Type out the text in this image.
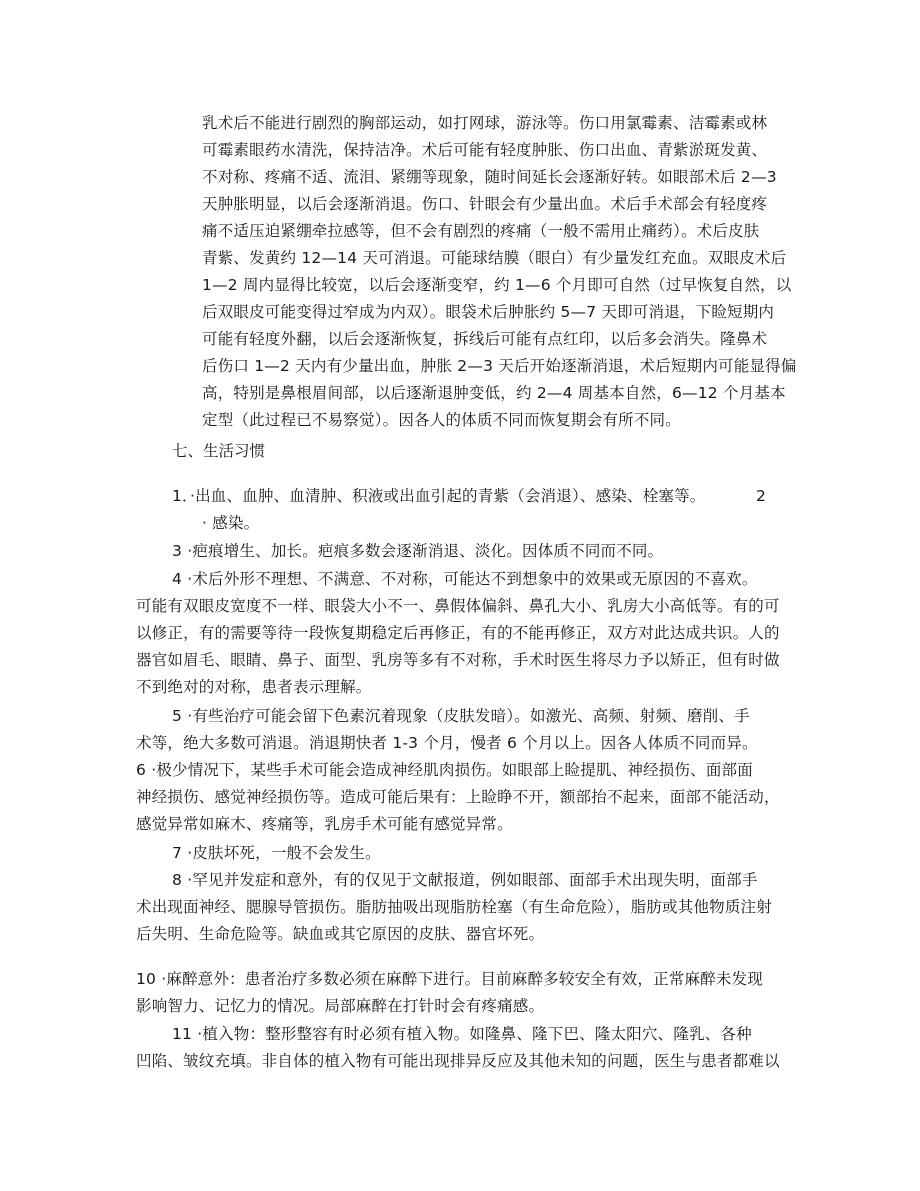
乳术后不能进行剧烈的胸部运动，如打网球，游泳等。伤口用氯霉素、洁霉素或林
可霉素眼药水清洗，保持洁净。术后可能有轻度肿胀、伤口出血、青紫淤斑发黄、
不对称、疼痛不适、流泪、紧绷等现象，随时间延长会逐渐好转。如眼部术后 2—3
天肿胀明显，以后会逐渐消退。伤口、针眼会有少量出血。术后手术部会有轻度疼
痛不适压迫紧绷牵拉感等，但不会有剧烈的疼痛（一般不需用止痛药）。术后皮肤
青紫、发黄约 12—14 天可消退。可能球结膜（眼白）有少量发红充血。双眼皮术后
1—2 周内显得比较宽，以后会逐渐变窄，约 1—6 个月即可自然（过早恢复自然，以
后双眼皮可能变得过窄成为内双）。眼袋术后肿胀约 5—7 天即可消退，下睑短期内
可能有轻度外翻，以后会逐渐恢复，拆线后可能有点红印，以后多会消失。隆鼻术
后伤口 1—2 天内有少量出血，肿胀 2—3 天后开始逐渐消退，术后短期内可能显得偏
高，特别是鼻根眉间部，以后逐渐退肿变低，约 2—4 周基本自然，6—12 个月基本
定型（此过程已不易察觉）。因各人的体质不同而恢复期会有所不同。
七、生活习惯
1．·出血、血肿、血清肿、积液或出血引起的青紫（会消退）、感染、栓塞等。	2
· 感染。
3 ·疤痕增生、加长。疤痕多数会逐渐消退、淡化。因体质不同而不同。
4 ·术后外形不理想、不满意、不对称，可能达不到想象中的效果或无原因的不喜欢。
可能有双眼皮宽度不一样、眼袋大小不一、鼻假体偏斜、鼻孔大小、乳房大小高低等。有的可
以修正，有的需要等待一段恢复期稳定后再修正，有的不能再修正，双方对此达成共识。人的
器官如眉毛、眼睛、鼻子、面型、乳房等多有不对称，手术时医生将尽力予以矫正，但有时做
不到绝对的对称，患者表示理解。
5 ·有些治疗可能会留下色素沉着现象（皮肤发暗）。如激光、高频、射频、磨削、手
术等，绝大多数可消退。消退期快者 1-3 个月，慢者 6 个月以上。因各人体质不同而异。
6 ·极少情况下，某些手术可能会造成神经肌肉损伤。如眼部上睑提肌、神经损伤、面部面
神经损伤、感觉神经损伤等。造成可能后果有：上睑睁不开，额部抬不起来，面部不能活动，
感觉异常如麻木、疼痛等，乳房手术可能有感觉异常。
7 ·皮肤坏死，一般不会发生。
8 ·罕见并发症和意外，有的仅见于文献报道，例如眼部、面部手术出现失明，面部手
术出现面神经、腮腺导管损伤。脂肪抽吸出现脂肪栓塞（有生命危险），脂肪或其他物质注射
后失明、生命危险等。缺血或其它原因的皮肤、器官坏死。
10 ·麻醉意外：患者治疗多数必须在麻醉下进行。目前麻醉多较安全有效，正常麻醉未发现
影响智力、记忆力的情况。局部麻醉在打针时会有疼痛感。
11 ·植入物：整形整容有时必须有植入物。如隆鼻、隆下巴、隆太阳穴、隆乳、各种
凹陷、皱纹充填。非自体的植入物有可能出现排异反应及其他未知的问题，医生与患者都难以
